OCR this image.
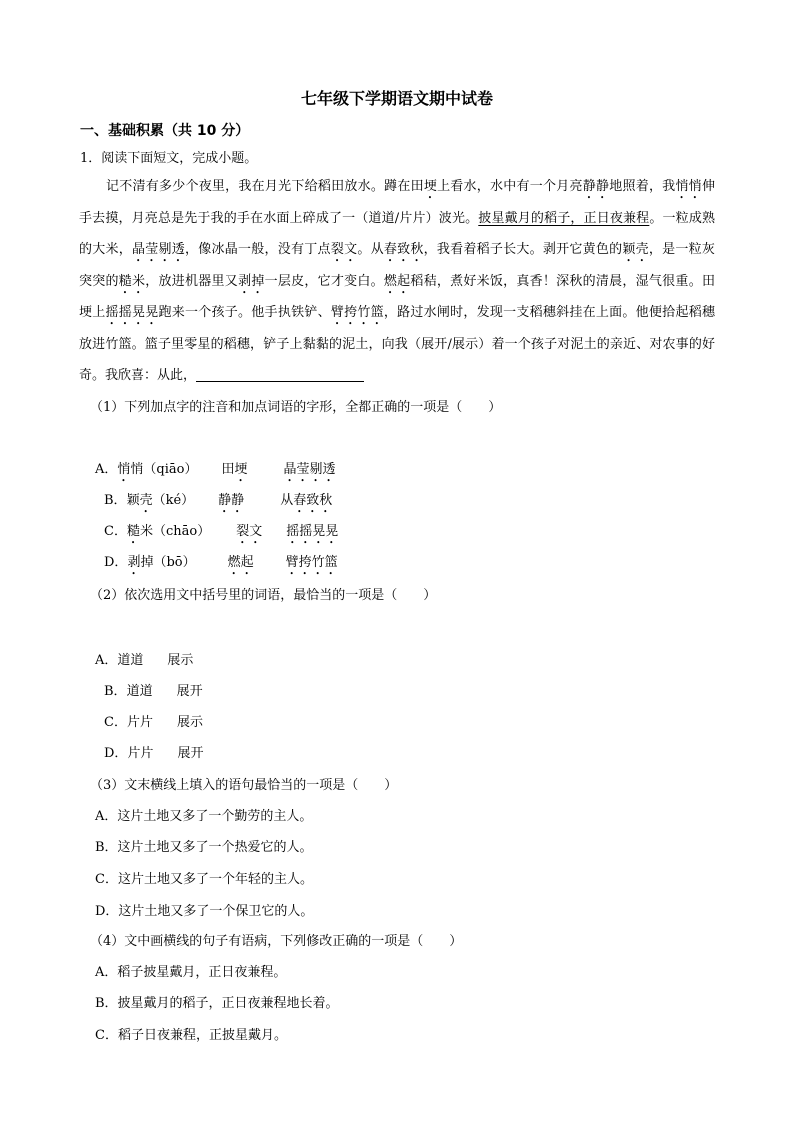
七年级下学期语文期中试卷
一、基础积累（共 10 分）
1．阅读下面短文，完成小题。

记不清有多少个夜里，我在月光下给稻田放水。蹲在田埂上看水，水中有一个月亮静静地照着，我悄悄伸手去摸，月亮总是先于我的手在水面上碎成了一（道道/片片）波光。披星戴月的稻子，正日夜兼程。一粒成熟的大米，晶莹剔透，像冰晶一般，没有丁点裂文。从春致秋，我看着稻子长大。剥开它黄色的颖壳，是一粒灰突突的糙米，放进机器里又剥掉一层皮，它才变白。燃起稻秸，煮好米饭，真香！深秋的清晨，湿气很重。田埂上摇摇晃晃跑来一个孩子。他手执铁铲、臂挎竹篮，路过水闸时，发现一支稻穗斜挂在上面。他便拾起稻穗放进竹篮。篮子里零星的稻穗，铲子上黏黏的泥土，向我（展开/展示）着一个孩子对泥土的亲近、对农事的好奇。我欣喜：从此，

（1）下列加点字的注音和加点词语的字形，全都正确的一项是（　　）
A．悄悄（qiāo） 田埂	晶莹剔透
B．颖壳（ké） 静静	从春致秋
C．糙米（chāo） 裂文 摇摇晃晃
D．剥掉（bō） 燃起 臂挎竹篮
（2）依次选用文中括号里的词语，最恰当的一项是（　　）
A．道道 展示
B．道道 展开
C．片片 展示
D．片片 展开
（3）文末横线上填入的语句最恰当的一项是（　　）
A．这片土地又多了一个勤劳的主人。
B．这片土地又多了一个热爱它的人。
C．这片土地又多了一个年轻的主人。
D．这片土地又多了一个保卫它的人。
（4）文中画横线的句子有语病，下列修改正确的一项是（　　）
A．稻子披星戴月，正日夜兼程。
B．披星戴月的稻子，正日夜兼程地长着。
C．稻子日夜兼程，正披星戴月。
